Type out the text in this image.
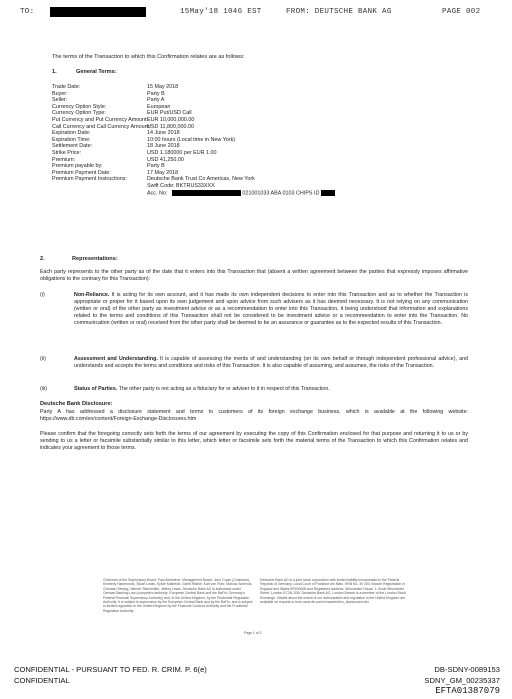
TO:	15May'18 1046 EST	FROM: DEUTSCHE BANK AG	PAGE 002
The terms of the Transaction to which this Confirmation relates are as follows:
1.	General Terms:
Trade Date:	15 May 2018
Buyer:	Party B
Seller:	Party A
Currency Option Style:	European
Currency Option Type:	EUR Put/USD Call
Put Currency and Put Currency Amount:
EUR 10,000,000.00
Call Currency and Call Currency Amount:
USD 11,800,000.00
Expiration Date:	14 June 2018
Expiration Time:	10:00 hours (Local time in New York)
Settlement Date:	18 June 2018
Strike Price:	USD 1.180000 per EUR 1.00
Premium:	USD 41,250.00
Premium payable by:	Party B
Premium Payment Date:	17 May 2018
Premium Payment Instructions:	Deutsche Bank Trust Co Americas, New York
Swift Code: BKTRUS33XXX
Acc. No:	021001033 ABA 0103 CHIPS ID
2.	Representations:
Each party represents to the other party as of the date that it enters into this Transaction that (absent a written agreement between the parties that expressly imposes affirmative obligations to the contrary for this Transaction):
(i)	Non-Reliance. It is acting for its own account, and it has made its own independent decisions to enter into this Transaction and as to whether the Transaction is appropriate or proper for it based upon its own judgement and upon advice from such advisers as it has deemed necessary. It is not relying on any communication (written or oral) of the other party as investment advice or as a recommendation to enter into this Transaction, it being understood that information and explanations related to the terms and conditions of this Transaction shall not be considered to be investment advice or a recommendation to enter into the Transaction. No communication (written or oral) received from the other party shall be deemed to be an assurance or guarantee as to the expected results of this Transaction.
(ii)	Assessment and Understanding. It is capable of assessing the merits of and understanding (on its own behalf or through independent professional advice), and understands and accepts the terms and conditions and risks of this Transaction. It is also capable of assuming, and assumes, the risks of the Transaction.
(iii)	Status of Parties. The other party is not acting as a fiduciary for or adviser to it in respect of this Transaction.
Deutsche Bank Disclosure:
Party A has addressed a disclosure statement and terms to customers of its foreign exchange business, which is available at the following website: https://www.db.com/en/content/Foreign-Exchange-Disclosures.htm
Please confirm that the foregoing correctly sets forth the terms of our agreement by executing the copy of this Confirmation enclosed for that purpose and returning it to us or by sending to us a letter or facsimile substantially similar to this letter, which letter or facsimile sets forth the material terms of the Transaction to which this Confirmation relates and indicates your agreement to those terms.
Chairman of the Supervisory Board: Paul Achleitner. Management Board: John Cryan (Chairman), Kimberly Hammonds, Stuart Lewis, Sylvie Matherat, Garth Ritchie, Karl von Rohr, Marcus Schenck, Christian Sewing, Werner Steinmüller, Jeffrey Lewis. Deutsche Bank AG is authorised under German Banking Law (competent authority: European Central Bank and the BaFin, Germany's Federal Financial Supervisory Authority) and, in the United Kingdom, by the Prudential Regulation Authority. It is subject to supervision by the European Central Bank and by the BaFin, and is subject to limited regulation in the United Kingdom by the Financial Conduct Authority and the Prudential Regulation Authority.
Deutsche Bank AG is a joint stock corporation with limited liability incorporated in the Federal Republic of Germany, Local Court of Frankfurt am Main, HRB No. 30 000; Branch Registration in England and Wales BR000005 and Registered Address: Winchester House, 1 Great Winchester Street, London EC2N 2DB. Deutsche Bank AG, London Branch is a member of the London Stock Exchange. Details about the extent of our authorisation and regulation in the United Kingdom are available on request or from www.db.com/en/content/eu_disclosures.htm
Page 1 of 3
CONFIDENTIAL - PURSUANT TO FED. R. CRIM. P. 6(e)
CONFIDENTIAL
DB-SDNY-0089153
SDNY_GM_00235337
EFTA01387079
